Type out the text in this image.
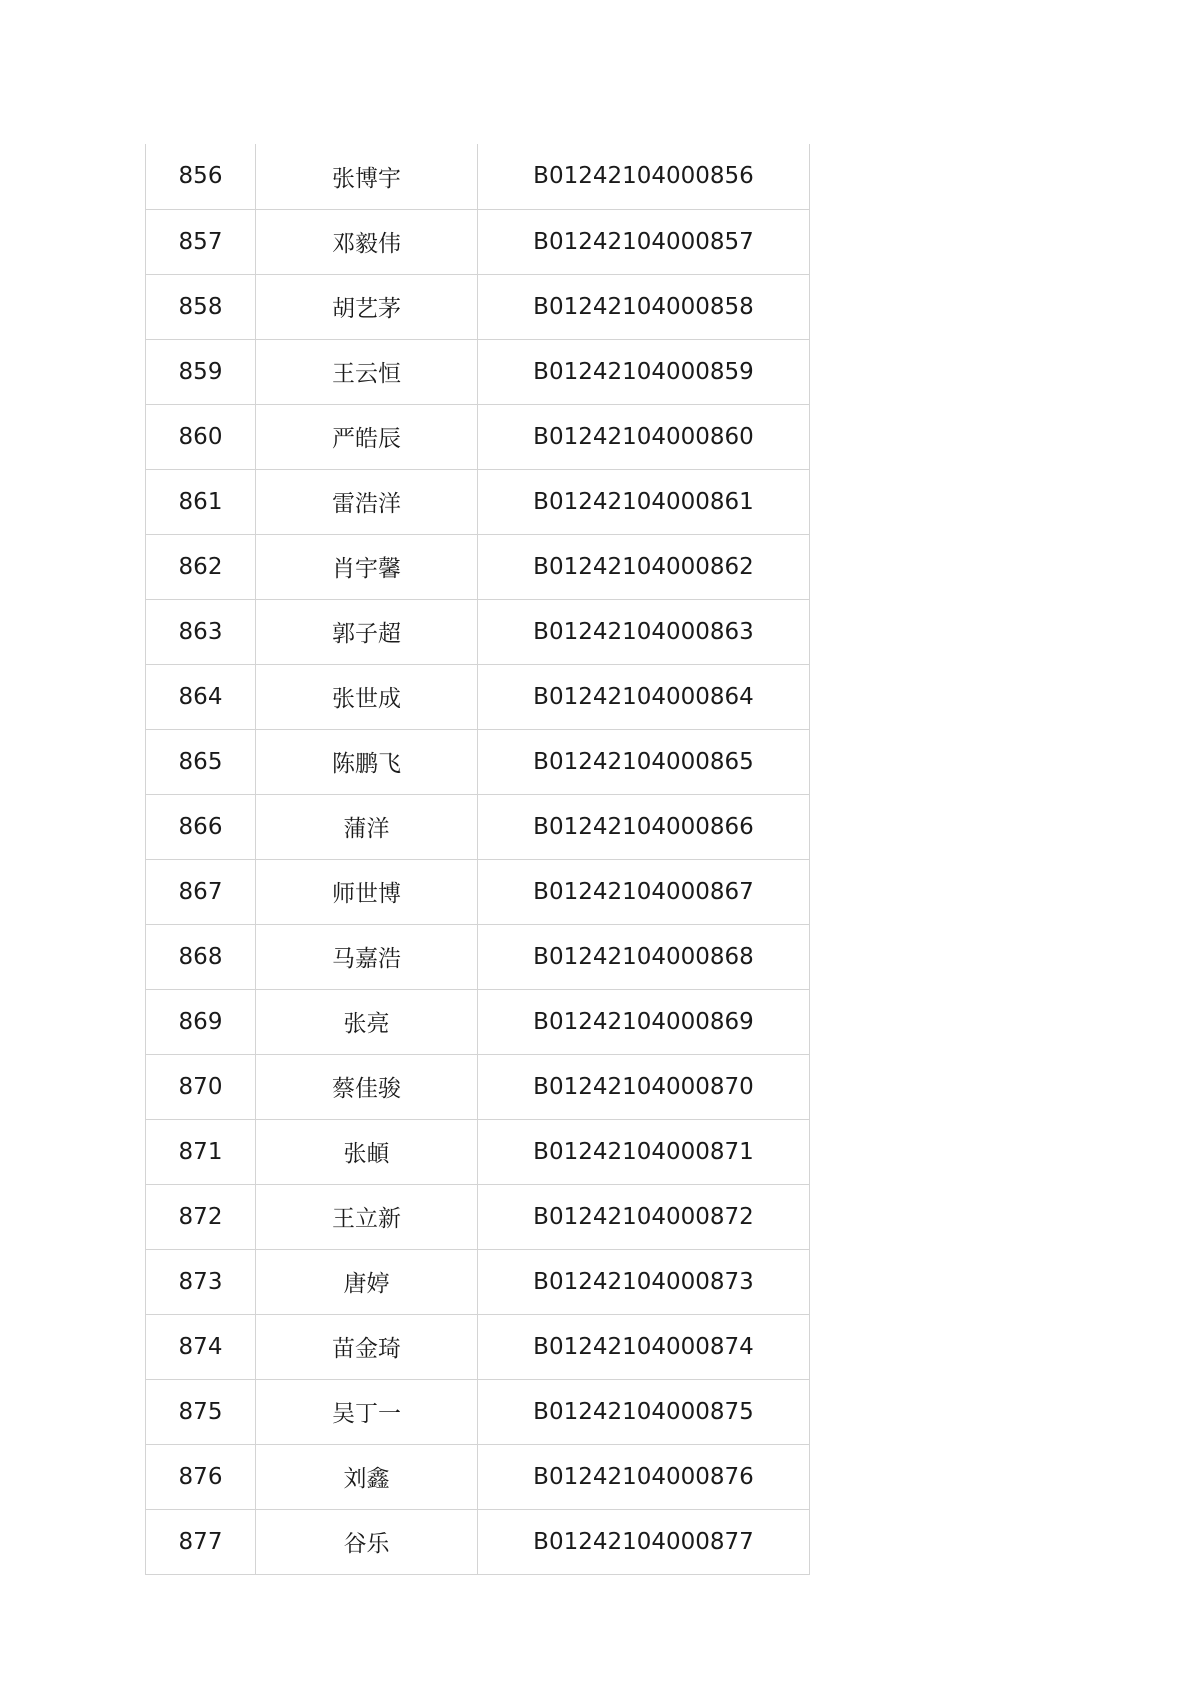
856	张博宇	B01242104000856
857	邓毅伟	B01242104000857
858	胡艺茅	B01242104000858
859	王云恒	B01242104000859
860	严皓辰	B01242104000860
861	雷浩洋	B01242104000861
862	肖宇馨	B01242104000862
863	郭子超	B01242104000863
864	张世成	B01242104000864
865	陈鹏飞	B01242104000865
866	蒲洋	B01242104000866
867	师世博	B01242104000867
868	马嘉浩	B01242104000868
869	张亮	B01242104000869
870	蔡佳骏	B01242104000870
871	张頔	B01242104000871
872	王立新	B01242104000872
873	唐婷	B01242104000873
874	苗金琦	B01242104000874
875	吴丁一	B01242104000875
876	刘鑫	B01242104000876
877	谷乐	B01242104000877
